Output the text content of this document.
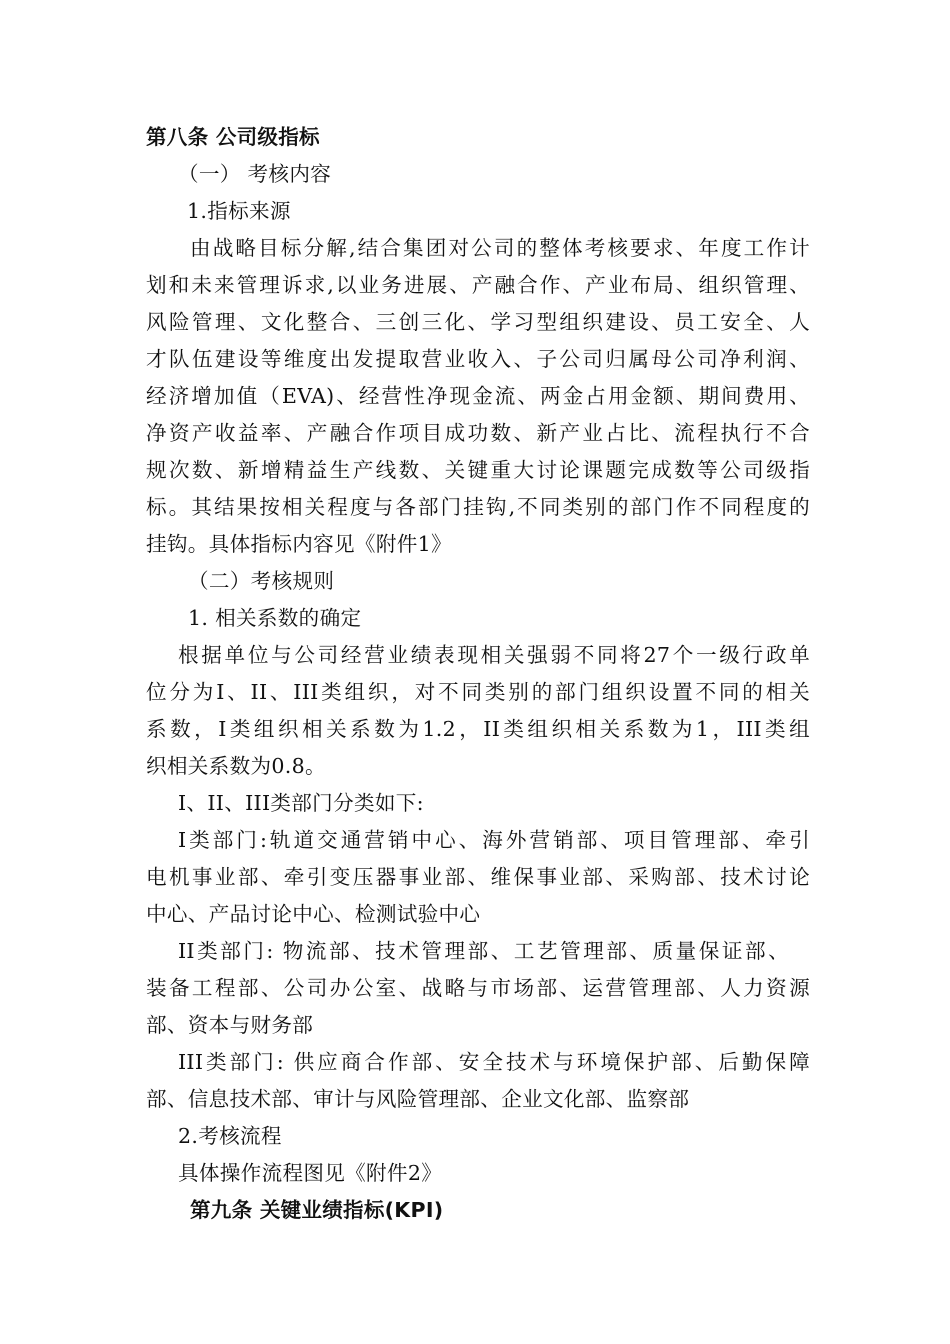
第八条 公司级指标
（一） 考核内容
1.指标来源
由战略目标分解,结合集团对公司的整体考核要求、年度工作计
划和未来管理诉求,以业务进展、产融合作、产业布局、组织管理、
风险管理、文化整合、三创三化、学习型组织建设、员工安全、人
才队伍建设等维度出发提取营业收入、子公司归属母公司净利润、
经济增加值（EVA)、经营性净现金流、两金占用金额、期间费用、
净资产收益率、产融合作项目成功数、新产业占比、流程执行不合
规次数、新增精益生产线数、关键重大讨论课题完成数等公司级指
标。其结果按相关程度与各部门挂钩,不同类别的部门作不同程度的
挂钩。具体指标内容见《附件1》
（二）考核规则
1. 相关系数的确定
根据单位与公司经营业绩表现相关强弱不同将27个一级行政单
位分为I、II、III类组织，对不同类别的部门组织设置不同的相关
系数，I类组织相关系数为1.2，II类组织相关系数为1，III类组
织相关系数为0.8。
I、II、III类部门分类如下:
I类部门:轨道交通营销中心、海外营销部、项目管理部、牵引
电机事业部、牵引变压器事业部、维保事业部、采购部、技术讨论
中心、产品讨论中心、检测试验中心
II类部门: 物流部、技术管理部、工艺管理部、质量保证部、
装备工程部、公司办公室、战略与市场部、运营管理部、人力资源
部、资本与财务部
III类部门: 供应商合作部、安全技术与环境保护部、后勤保障
部、信息技术部、审计与风险管理部、企业文化部、监察部
2.考核流程
具体操作流程图见《附件2》
第九条 关键业绩指标(KPI)
